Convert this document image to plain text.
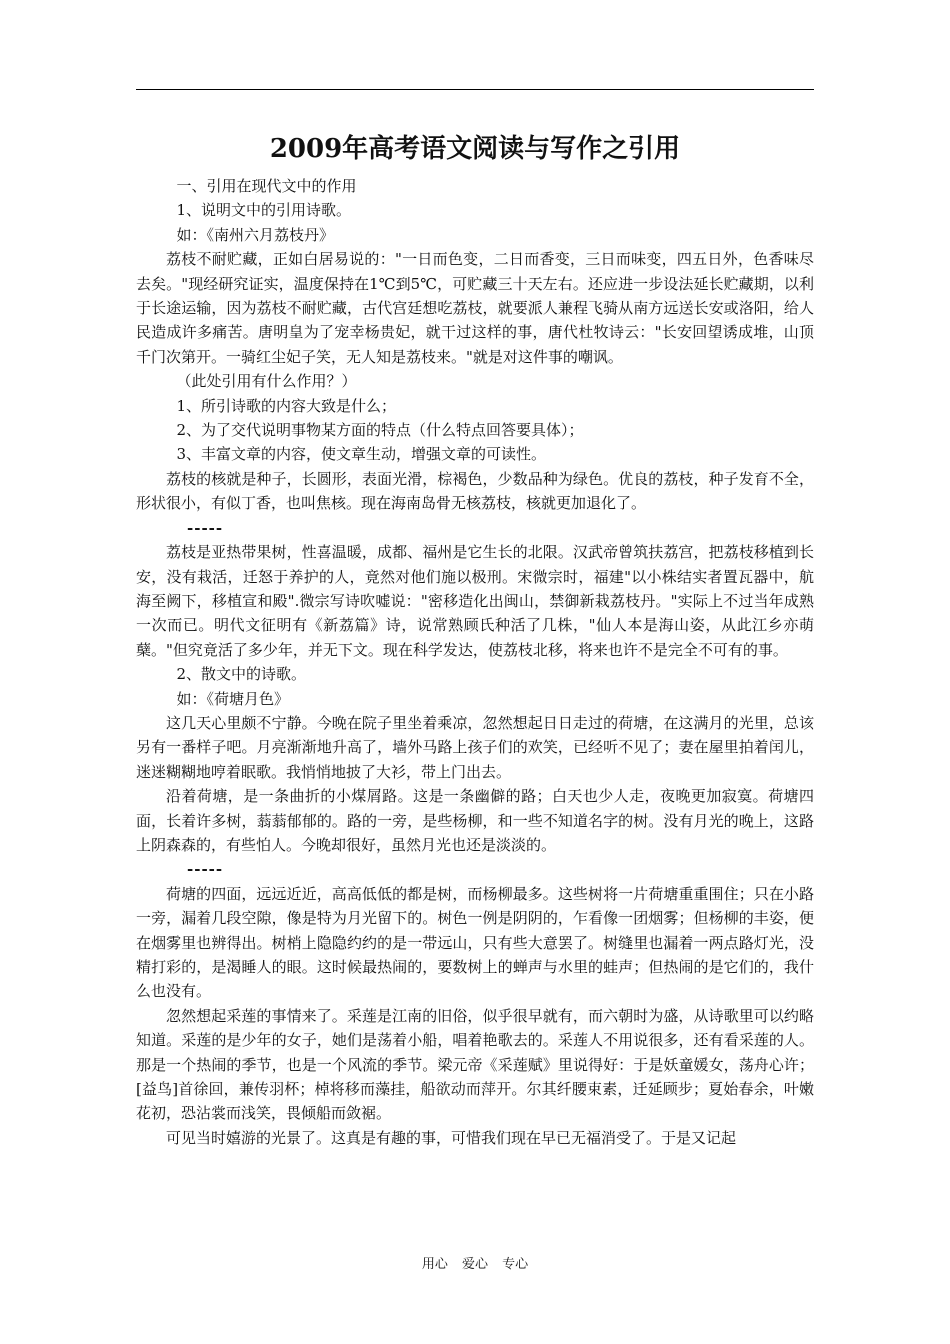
2009年高考语文阅读与写作之引用

一、引用在现代文中的作用

1、说明文中的引用诗歌。

如：《南州六月荔枝丹》

荔枝不耐贮藏，正如白居易说的："一日而色变，二日而香变，三日而味变，四五日外，色香味尽去矣。"现经研究证实，温度保持在1℃到5℃，可贮藏三十天左右。还应进一步设法延长贮藏期，以利于长途运输，因为荔枝不耐贮藏，古代宫廷想吃荔枝，就要派人兼程飞骑从南方远送长安或洛阳，给人民造成许多痛苦。唐明皇为了宠幸杨贵妃，就干过这样的事，唐代杜牧诗云："长安回望诱成堆，山顶千门次第开。一骑红尘妃子笑，无人知是荔枝来。"就是对这件事的嘲讽。

（此处引用有什么作用？）

1、所引诗歌的内容大致是什么；

2、为了交代说明事物某方面的特点（什么特点回答要具体）；

3、丰富文章的内容，使文章生动，增强文章的可读性。

荔枝的核就是种子，长圆形，表面光滑，棕褐色，少数品种为绿色。优良的荔枝，种子发育不全，形状很小，有似丁香，也叫焦核。现在海南岛骨无核荔枝，核就更加退化了。

-----

荔枝是亚热带果树，性喜温暖，成都、福州是它生长的北限。汉武帝曾筑扶荔宫，把荔枝移植到长安，没有栽活，迁怒于养护的人，竟然对他们施以极刑。宋微宗时，福建"以小株结实者置瓦器中，航海至阙下，移植宣和殿".微宗写诗吹嘘说："密移造化出闽山，禁御新栽荔枝丹。"实际上不过当年成熟一次而已。明代文征明有《新荔篇》诗，说常熟顾氏种活了几株，"仙人本是海山姿，从此江乡亦萌蘖。"但究竟活了多少年，并无下文。现在科学发达，使荔枝北移，将来也许不是完全不可有的事。

2、散文中的诗歌。

如：《荷塘月色》

这几天心里颇不宁静。今晚在院子里坐着乘凉，忽然想起日日走过的荷塘，在这满月的光里，总该另有一番样子吧。月亮渐渐地升高了，墙外马路上孩子们的欢笑，已经听不见了；妻在屋里拍着闰儿，迷迷糊糊地哼着眠歌。我悄悄地披了大衫，带上门出去。

沿着荷塘，是一条曲折的小煤屑路。这是一条幽僻的路；白天也少人走，夜晚更加寂寞。荷塘四面，长着许多树，蓊蓊郁郁的。路的一旁，是些杨柳，和一些不知道名字的树。没有月光的晚上，这路上阴森森的，有些怕人。今晚却很好，虽然月光也还是淡淡的。

-----

荷塘的四面，远远近近，高高低低的都是树，而杨柳最多。这些树将一片荷塘重重围住；只在小路一旁，漏着几段空隙，像是特为月光留下的。树色一例是阴阴的，乍看像一团烟雾；但杨柳的丰姿，便在烟雾里也辨得出。树梢上隐隐约约的是一带远山，只有些大意罢了。树缝里也漏着一两点路灯光，没精打彩的，是渴睡人的眼。这时候最热闹的，要数树上的蝉声与水里的蛙声；但热闹的是它们的，我什么也没有。

忽然想起采莲的事情来了。采莲是江南的旧俗，似乎很早就有，而六朝时为盛，从诗歌里可以约略知道。采莲的是少年的女子，她们是荡着小船，唱着艳歌去的。采莲人不用说很多，还有看采莲的人。那是一个热闹的季节，也是一个风流的季节。梁元帝《采莲赋》里说得好：于是妖童媛女，荡舟心许；[益鸟]首徐回，兼传羽杯；棹将移而藻挂，船欲动而萍开。尔其纤腰束素，迁延顾步；夏始春余，叶嫩花初，恐沾裳而浅笑，畏倾船而敛裾。

可见当时嬉游的光景了。这真是有趣的事，可惜我们现在早已无福消受了。于是又记起

用心 爱心 专心
